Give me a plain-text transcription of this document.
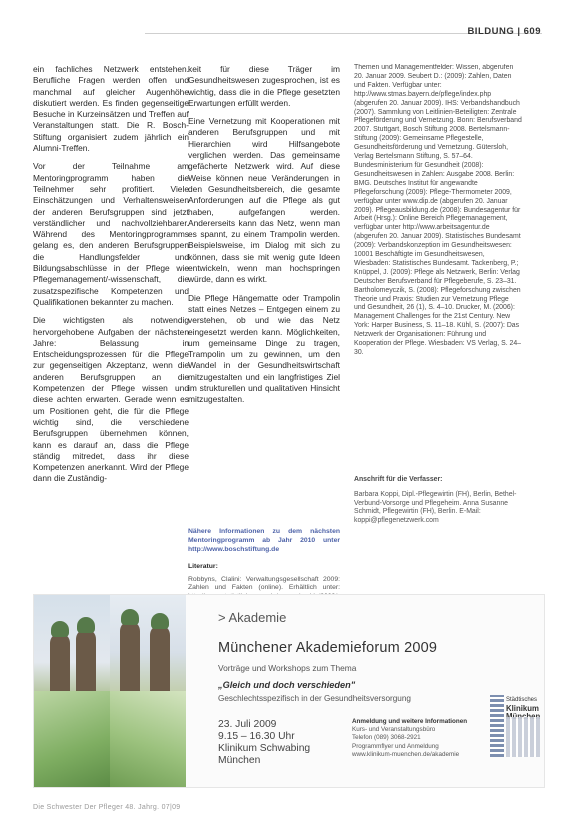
BILDUNG | 609

ein fachliches Netzwerk entstehen. Berufliche Fragen werden offen und manchmal auf gleicher Augenhöhe diskutiert werden. Es finden gegenseitige Besuche in Kurzeinsätzen und Treffen auf Veranstaltungen statt. Die R. Bosch-Stiftung organisiert zudem jährlich ein Alumni-Treffen.

Vor der Teilnahme am Mentoringprogramm haben die Teilnehmer sehr profitiert. Viele Einschätzungen und Verhaltensweisen der anderen Berufsgruppen sind jetzt verständlicher und nachvollziehbarer. Während des Mentoringprogramms gelang es, den anderen Berufsgruppen die Handlungsfelder und Bildungsabschlüsse in der Pflege wie Pflegemanagement/-wissenschaft, die zusatzspezifische Kompetenzen und Qualifikationen bekannter zu machen.

Die wichtigsten als notwendig hervorgehobene Aufgaben der nächsten Jahre: Belassung in Entscheidungsprozessen für die Pflege zur gegenseitigen Akzeptanz, wenn die anderen Berufsgruppen an die Kompetenzen der Pflege wissen und diese achten erwarten. Gerade wenn es um Positionen geht, die für die Pflege wichtig sind, die verschiedene Berufsgruppen übernehmen können, kann es darauf an, dass die Pflege ständig mitredet, dass ihr diese Kompetenzen anerkannt. Wird der Pflege dann die Zuständig-

keit für diese Träger im Gesundheitswesen zugesprochen, ist es wichtig, dass die in die Pflege gesetzten Erwartungen erfüllt werden.

Eine Vernetzung mit Kooperationen mit anderen Berufsgruppen und mit Hierarchien wird Hilfsangebote verglichen werden. Das gemeinsame gefächerte Netzwerk wird. Auf diese Weise können neue Veränderungen in den Gesundheitsbereich, die gesamte Anforderungen auf die Pflege als gut haben, aufgefangen werden. Andererseits kann das Netz, wenn man es spannt, zu einem Trampolin werden. Beispielsweise, im Dialog mit sich zu können, dass sie mit wenig gute Ideen entwickeln, wenn man hochspringen würde, dann es wirkt.

Die Pflege Hängematte oder Trampolin statt eines Netzes – Entgegen einem zu verstehen, ob und wie das Netz eingesetzt werden kann. Möglichkeiten, um gemeinsame Dinge zu tragen, Trampolin um zu gewinnen, um den Wandel in der Gesundheitswirtschaft mitzugestalten und ein langfristiges Ziel im strukturellen und qualitativen Hinsicht mitzugestalten.

Nähere Informationen zu dem nächsten Mentoringprogramm ab Jahr 2010 unter http://www.boschstiftung.de

Literatur:
Robbyns, Clalini: Verwaltungsgesellschaft 2009: Zahlen und Fakten (online). Erhältlich unter:
Themen und Managementfelder: Wissen, abgerufen 20. Januar 2009. Seubert D.: (2009): Zahlen, Daten und Fakten. Verfügbar unter: http://www.stmas.bayern.de/pflege/index.php (abgerufen 20. Januar 2009). IHS: Verbandshandbuch (2007). Sammlung von Leitlinien-Beteiligten: Zentrale Pflegeförderung und Vernetzung. Bonn: Berufsverband 2007. Stuttgart, Bosch Stiftung 2008. Bertelsmann-Stiftung (2009): Gemeinsame Pflegestelle, Gesundheitsförderung und Vernetzung. Gütersloh, Verlag Bertelsmann Stiftung, S. 57–64. Bundesministerium für Gesundheit (2008): Gesundheitswesen in Zahlen: Ausgabe 2008. Berlin: BMG. Deutsches Institut für angewandte Pflegeforschung (2009): Pflege-Thermometer 2009, verfügbar unter www.dip.de (abgerufen 20. Januar 2009). Pflegeausbildung.de (2008): Bundesagentur für Arbeit (Hrsg.): Online Bereich Pflegemanagement, verfügbar unter http://www.arbeitsagentur.de (abgerufen 20. Januar 2009). Statistisches Bundesamt (2009): Verbandskonzeption im Gesundheitswesen: 10001 Beschäftigte im Gesundheitswesen, Wiesbaden: Statistisches Bundesamt. Tackenberg, P.; Knüppel, J. (2009): Pflege als Netzwerk, Berlin: Verlag Deutscher Berufsverband für Pflegeberufe, S. 23–31. Bartholomeyczik, S. (2008): Pflegeforschung zwischen Theorie und Praxis: Studien zur Vernetzung Pflege und Gesundheit, 26 (1), S. 4–10. Drucker, M. (2006): Management Challenges for the 21st Century. New York: Harper Business, S. 11–18. Kühl, S. (2007): Das Netzwerk der Organisationen: Führung und Kooperation der Pflege. Wiesbaden: VS Verlag, S. 24–30.
Anschrift für die Verfasser:
Barbara Koppi, Dipl.-Pflegewirtin (FH), Berlin, Bethel-Verbund-Vorsorge und Pflegeheim. Anna Susanne Schmidt, Pflegewirtin (FH), Berlin. E-Mail: koppi@pflegenetzwerk.com
> Akademie
Münchener Akademieforum 2009
Vorträge und Workshops zum Thema
„Gleich und doch verschieden"
Geschlechtsspezifisch in der Gesundheitsversorgung
23. Juli 2009
9.15 – 16.30 Uhr
Klinikum Schwabing
München
Anmeldung und weitere Informationen
Kurs- und Veranstaltungsbüro
Telefon (089) 3068-2921
Programmflyer und Anmeldung
www.klinikum-muenchen.de/akademie
Städtisches
Klinikum
Die Schwester Der Pfleger 48. Jahrg. 07|09
